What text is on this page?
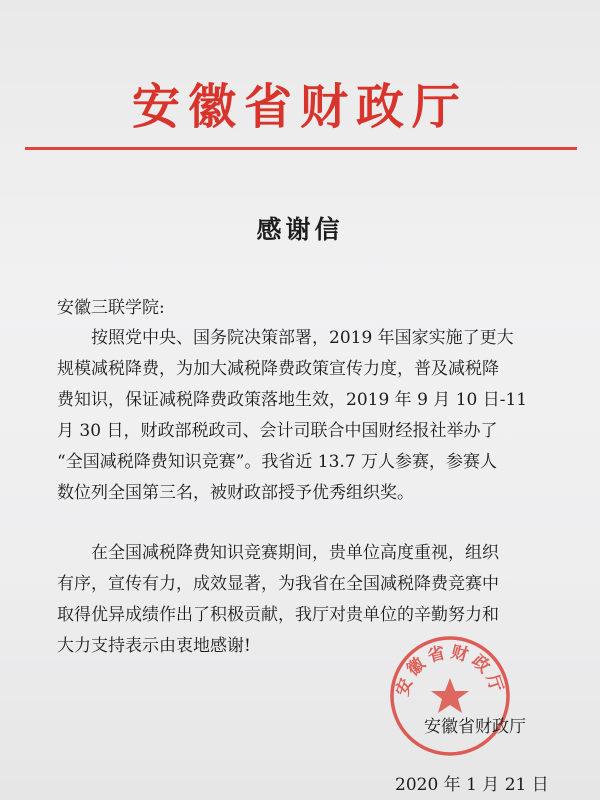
安徽省财政厅
感谢信
安徽三联学院:
　　按照党中央、国务院决策部署，2019 年国家实施了更大
规模减税降费，为加大减税降费政策宣传力度，普及减税降
费知识，保证减税降费政策落地生效，2019 年 9 月 10 日-11
月 30 日，财政部税政司、会计司联合中国财经报社举办了
“全国减税降费知识竞赛”。我省近 13.7 万人参赛，参赛人
数位列全国第三名，被财政部授予优秀组织奖。
　　在全国减税降费知识竞赛期间，贵单位高度重视，组织
有序，宣传有力，成效显著，为我省在全国减税降费竞赛中
取得优异成绩作出了积极贡献，我厅对贵单位的辛勤努力和
大力支持表示由衷地感谢!
安徽省财政厅
安徽省财政厅
2020 年 1 月 21 日
